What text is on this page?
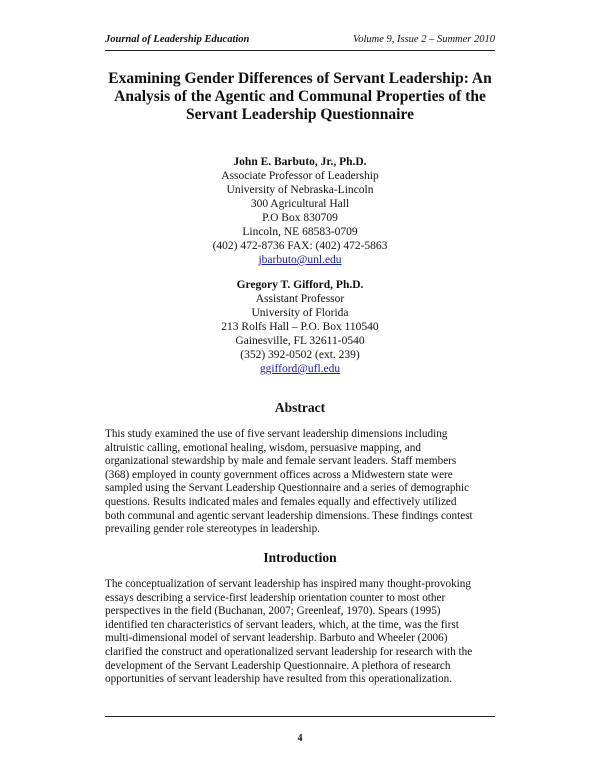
Journal of Leadership Education	Volume 9, Issue 2 – Summer 2010
Examining Gender Differences of Servant Leadership: An
Analysis of the Agentic and Communal Properties of the
Servant Leadership Questionnaire
John E. Barbuto, Jr., Ph.D.
Associate Professor of Leadership
University of Nebraska-Lincoln
300 Agricultural Hall
P.O Box 830709
Lincoln, NE 68583-0709
(402) 472-8736 FAX: (402) 472-5863
jbarbuto@unl.edu
Gregory T. Gifford, Ph.D.
Assistant Professor
University of Florida
213 Rolfs Hall – P.O. Box 110540
Gainesville, FL 32611-0540
(352) 392-0502 (ext. 239)
ggifford@ufl.edu
Abstract
This study examined the use of five servant leadership dimensions including
altruistic calling, emotional healing, wisdom, persuasive mapping, and
organizational stewardship by male and female servant leaders. Staff members
(368) employed in county government offices across a Midwestern state were
sampled using the Servant Leadership Questionnaire and a series of demographic
questions. Results indicated males and females equally and effectively utilized
both communal and agentic servant leadership dimensions. These findings contest
prevailing gender role stereotypes in leadership.
Introduction
The conceptualization of servant leadership has inspired many thought-provoking
essays describing a service-first leadership orientation counter to most other
perspectives in the field (Buchanan, 2007; Greenleaf, 1970). Spears (1995)
identified ten characteristics of servant leaders, which, at the time, was the first
multi-dimensional model of servant leadership. Barbuto and Wheeler (2006)
clarified the construct and operationalized servant leadership for research with the
development of the Servant Leadership Questionnaire. A plethora of research
opportunities of servant leadership have resulted from this operationalization.
4
